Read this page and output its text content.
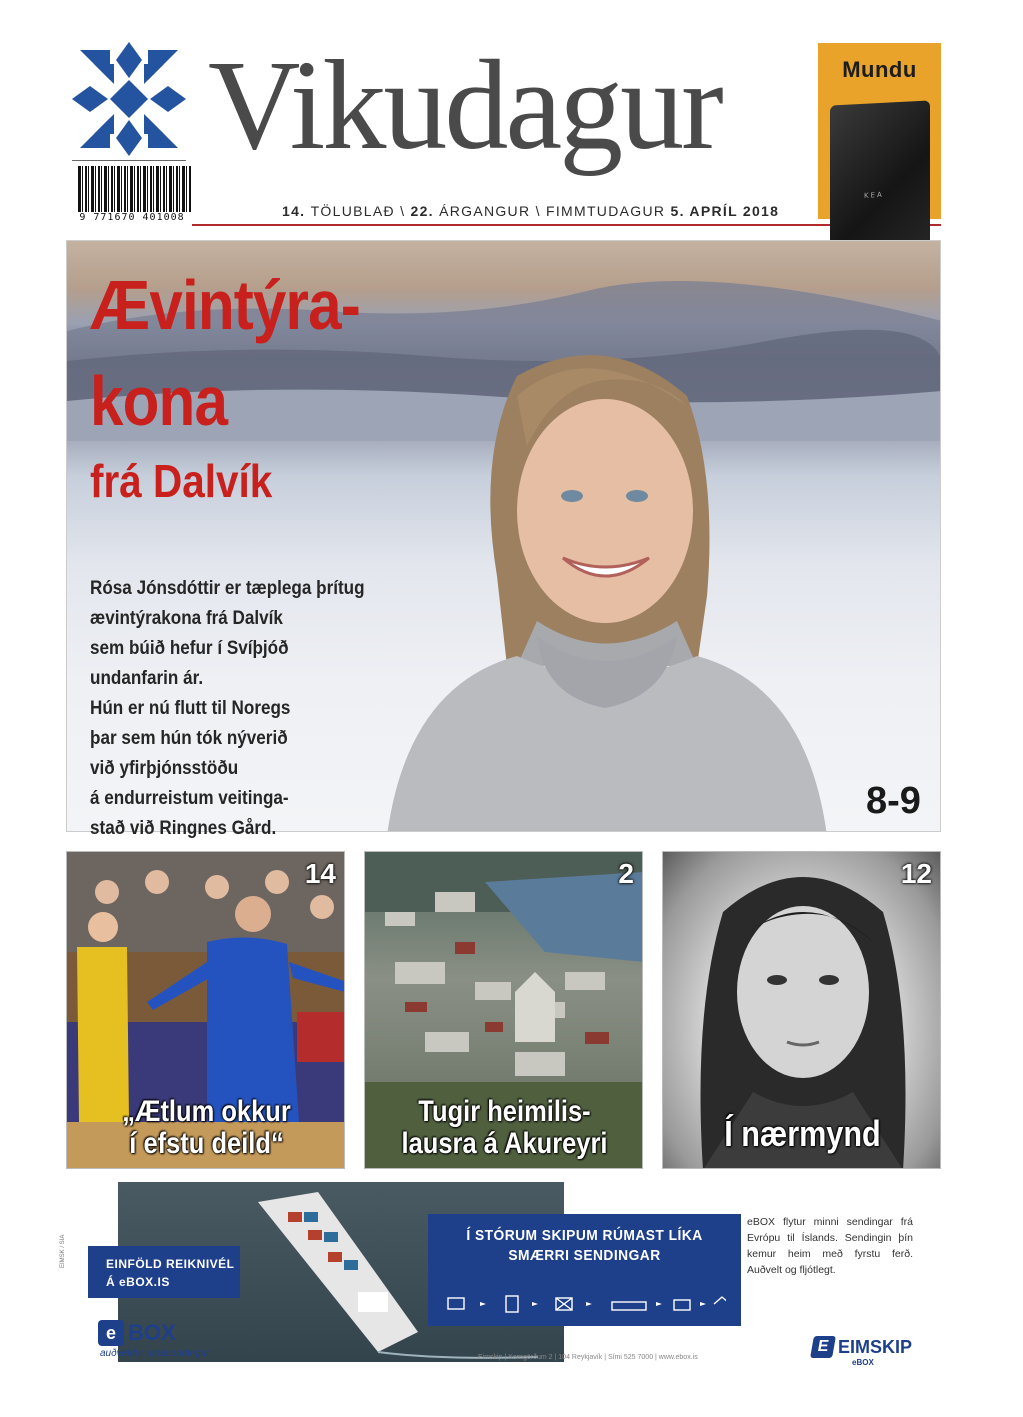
Vikudagur
9 771670 401008	14. TÖLUBLAÐ \ 22. ÁRGANGUR \ FIMMTUDAGUR 5. APRÍL 2018
Mundu
KEA
Ævintýra-
kona
frá Dalvík
Rósa Jónsdóttir er tæplega þrítug
ævintýrakona frá Dalvík
sem búið hefur í Svíþjóð
undanfarin ár.
Hún er nú flutt til Noregs
þar sem hún tók nýverið
við yfirþjónsstöðu
á endurreistum veitinga-
stað við Ringnes Gård.
8-9
14
„Ætlum okkur
í efstu deild“
2
Tugir heimilis-
lausra á Akureyri
12
Í nærmynd
EIMSK / SIA	EINFÖLD REIKNIVÉL
Á eBOX.IS
e BOX
auðveldar smásendingar
Í STÓRUM SKIPUM RÚMAST LÍKA
SMÆRRI SENDINGAR
eBOX flytur minni sendingar frá Evrópu til Íslands. Sendingin þín kemur heim með fyrstu ferð. Auðvelt og fljótlegt.
E EIMSKIP
eBOX
Eimskip | Korngörðum 2 | 104 Reykjavík | Sími 525 7000 | www.ebox.is
